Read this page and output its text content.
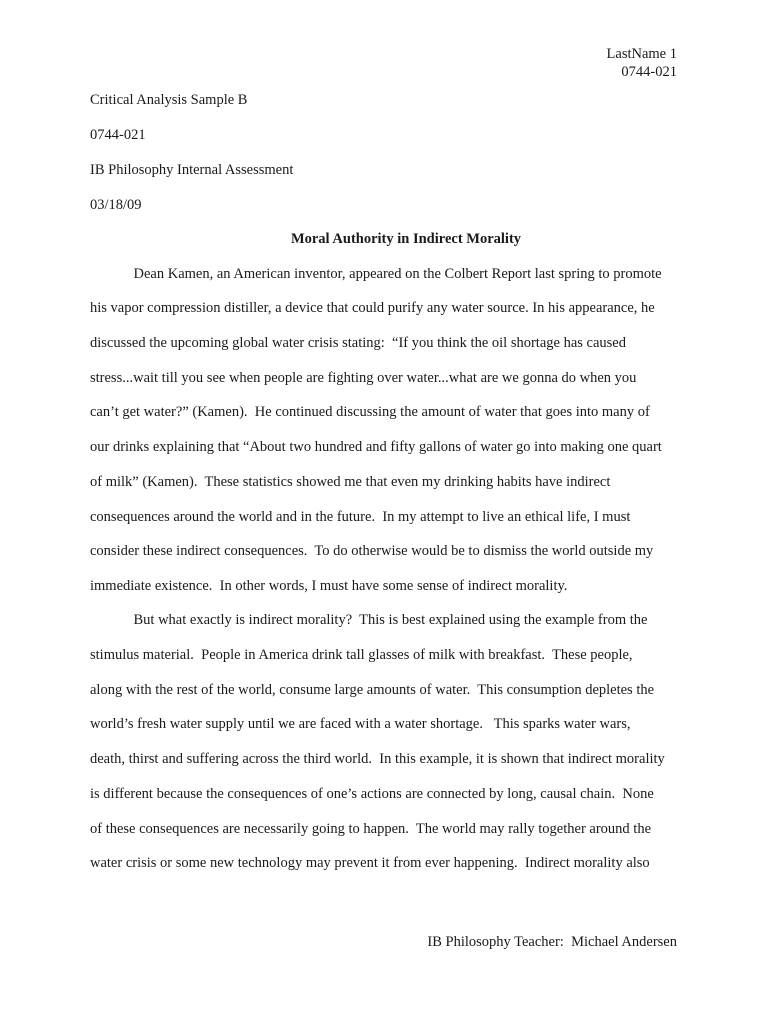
LastName 1
0744-021
Critical Analysis Sample B
0744-021
IB Philosophy Internal Assessment
03/18/09
Moral Authority in Indirect Morality
Dean Kamen, an American inventor, appeared on the Colbert Report last spring to promote
his vapor compression distiller, a device that could purify any water source. In his appearance, he
discussed the upcoming global water crisis stating:  “If you think the oil shortage has caused
stress...wait till you see when people are fighting over water...what are we gonna do when you
can’t get water?” (Kamen).  He continued discussing the amount of water that goes into many of
our drinks explaining that “About two hundred and fifty gallons of water go into making one quart
of milk” (Kamen).  These statistics showed me that even my drinking habits have indirect
consequences around the world and in the future.  In my attempt to live an ethical life, I must
consider these indirect consequences.  To do otherwise would be to dismiss the world outside my
immediate existence.  In other words, I must have some sense of indirect morality.
But what exactly is indirect morality?  This is best explained using the example from the
stimulus material.  People in America drink tall glasses of milk with breakfast.  These people,
along with the rest of the world, consume large amounts of water.  This consumption depletes the
world’s fresh water supply until we are faced with a water shortage.   This sparks water wars,
death, thirst and suffering across the third world.  In this example, it is shown that indirect morality
is different because the consequences of one’s actions are connected by long, causal chain.  None
of these consequences are necessarily going to happen.  The world may rally together around the
water crisis or some new technology may prevent it from ever happening.  Indirect morality also
IB Philosophy Teacher:  Michael Andersen
